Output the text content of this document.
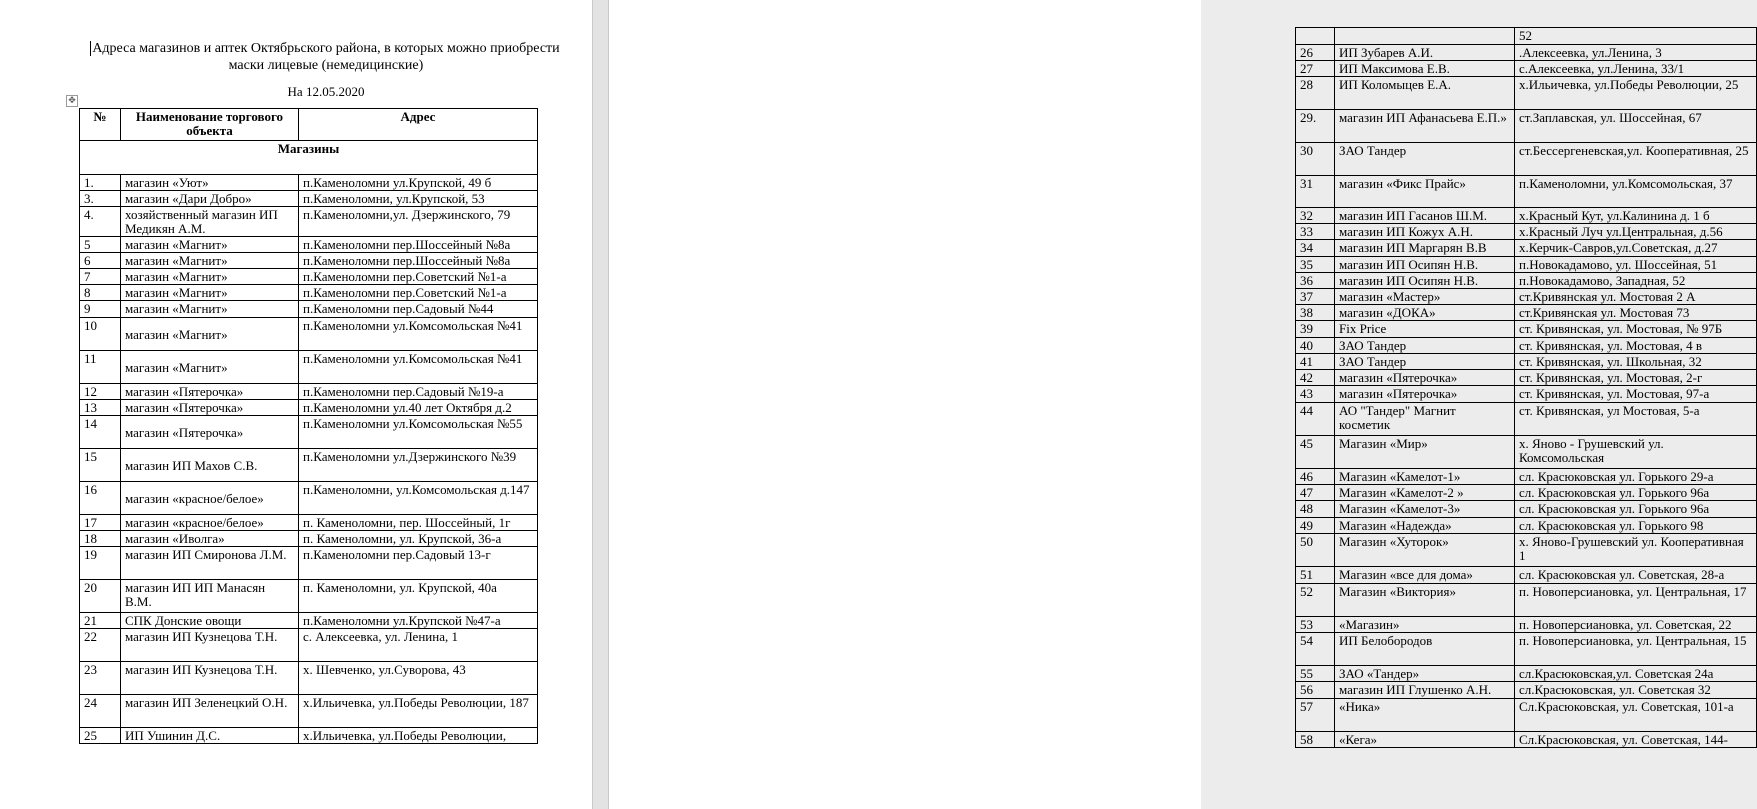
Адреса магазинов и аптек Октябрьского района, в которых можно приобрести маски лицевые (немедицинские)
На 12.05.2020
✥
№	Наименование торгового объекта	Адрес
Магазины		
1.	магазин «Уют»	п.Каменоломни ул.Крупской, 49 б
3.	магазин «Дари Добро»	п.Каменоломни, ул.Крупской, 53
4.	хозяйственный магазин ИП Медикян А.М.	п.Каменоломни,ул. Дзержинского, 79
5	магазин «Магнит»	п.Каменоломни пер.Шоссейный №8а
6	магазин «Магнит»	п.Каменоломни пер.Шоссейный №8а
7	магазин «Магнит»	п.Каменоломни пер.Советский №1-а
8	магазин «Магнит»	п.Каменоломни пер.Советский №1-а
9	магазин «Магнит»	п.Каменоломни пер.Садовый №44
10	магазин «Магнит»	п.Каменоломни ул.Комсомольская №41
11	магазин «Магнит»	п.Каменоломни ул.Комсомольская №41
12	магазин «Пятерочка»	п.Каменоломни пер.Садовый №19-а
13	магазин «Пятерочка»	п.Каменоломни ул.40 лет Октября д.2
14	магазин «Пятерочка»	п.Каменоломни ул.Комсомольская №55
15	магазин ИП Махов С.В.	п.Каменоломни ул.Дзержинского №39
16	магазин «красное/белое»	п.Каменоломни, ул.Комсомольская д.147
17	магазин «красное/белое»	п. Каменоломни, пер. Шоссейный, 1г
18	магазин «Иволга»	п. Каменоломни, ул. Крупской, 36-а
19	магазин ИП Смиронова Л.М.	п.Каменоломни пер.Садовый 13-г
20	магазин ИП ИП Манасян В.М.	п. Каменоломни, ул. Крупской, 40а
21	СПК Донские овощи	п.Каменоломни ул.Крупской №47-а
22	магазин ИП Кузнецова Т.Н.	с. Алексеевка, ул. Ленина, 1
23	магазин ИП Кузнецова Т.Н.	х. Шевченко, ул.Суворова, 43
24	магазин ИП Зеленецкий О.Н.	х.Ильичевка, ул.Победы Революции, 187
25	ИП Ушинин Д.С.	х.Ильичевка, ул.Победы Революции,
		52
26	ИП Зубарев А.И.	.Алексеевка, ул.Ленина, 3
27	ИП Максимова Е.В.	с.Алексеевка, ул.Ленина, 33/1
28	ИП Коломыцев Е.А.	х.Ильичевка, ул.Победы Революции, 25
29.	магазин ИП Афанасьева Е.П.»	ст.Заплавская, ул. Шоссейная, 67
30	ЗАО Тандер	ст.Бессергеневская,ул. Кооперативная, 25
31	магазин «Фикс Прайс»	п.Каменоломни, ул.Комсомольская, 37
32	магазин ИП Гасанов Ш.М.	х.Красный Кут, ул.Калинина д. 1 б
33	магазин ИП Кожух А.Н.	х.Красный Луч ул.Центральная, д.56
34	магазин ИП Маргарян В.В	х.Керчик-Савров,ул.Советская, д.27
35	магазин ИП Осипян Н.В.	п.Новокадамово, ул. Шоссейная, 51
36	магазин ИП Осипян Н.В.	п.Новокадамово, Западная, 52
37	магазин «Мастер»	ст.Кривянская ул. Мостовая 2 А
38	магазин «ДОКА»	ст.Кривянская ул. Мостовая 73
39	Fix Price	ст. Кривянская, ул. Мостовая, № 97Б
40	ЗАО Тандер	ст. Кривянская, ул. Мостовая, 4 в
41	ЗАО Тандер	ст. Кривянская, ул. Школьная, 32
42	магазин «Пятерочка»	ст. Кривянская, ул. Мостовая, 2-г
43	магазин «Пятерочка»	ст. Кривянская, ул. Мостовая, 97-а
44	АО "Тандер" Магнит косметик	ст. Кривянская, ул Мостовая, 5-а
45	Магазин «Мир»	х. Яново - Грушевский ул. Комсомольская
46	Магазин «Камелот-1»	сл. Красюковская ул. Горького 29-а
47	Магазин «Камелот-2 »	сл. Красюковская ул. Горького 96а
48	Магазин «Камелот-3»	сл. Красюковская ул. Горького 96а
49	Магазин «Надежда»	сл. Красюковская ул. Горького 98
50	Магазин «Хуторок»	х. Яново-Грушевский ул. Кооперативная 1
51	Магазин «все для дома»	сл. Красюковская ул. Советская, 28-а
52	Магазин «Виктория»	п. Новоперсиановка, ул. Центральная, 17
53	«Магазин»	п. Новоперсиановка, ул. Советская, 22
54	ИП Белобородов	п. Новоперсиановка, ул. Центральная, 15
55	ЗАО «Тандер»	сл.Красюковская,ул. Советская 24а
56	магазин ИП Глушенко А.Н.	сл.Красюковская, ул. Советская 32
57	«Ника»	Сл.Красюковская, ул. Советская, 101-а
58	«Кега»	Сл.Красюковская, ул. Советская, 144-
